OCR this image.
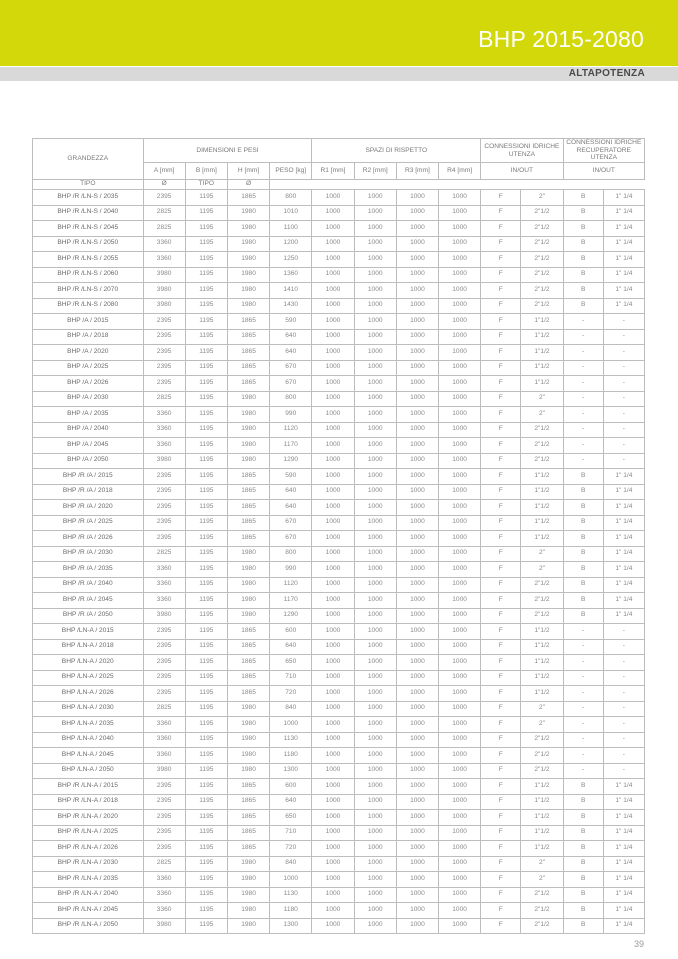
BHP 2015-2080
ALTAPOTENZA
GRANDEZZA	DIMENSIONI E PESI				SPAZI DI RISPETTO				CONNESSIONI IDRICHE UTENZA		CONNESSIONI IDRICHE RECUPERATORE UTENZA	
									IN/OUT		IN/OUT	
	A [mm]	B [mm]	H [mm]	PESO [kg]	R1 [mm]	R2 [mm]	R3 [mm]	R4 [mm]				
TIPO	Ø	TIPO	Ø									
BHP /R /LN-S / 2035	2395	1195	1865	800	1000	1000	1000	1000	F	2"	B	1" 1/4
BHP /R /LN-S / 2040	2825	1195	1980	1010	1000	1000	1000	1000	F	2"1/2	B	1" 1/4
BHP /R /LN-S / 2045	2825	1195	1980	1100	1000	1000	1000	1000	F	2"1/2	B	1" 1/4
BHP /R /LN-S / 2050	3360	1195	1980	1200	1000	1000	1000	1000	F	2"1/2	B	1" 1/4
BHP /R /LN-S / 2055	3360	1195	1980	1250	1000	1000	1000	1000	F	2"1/2	B	1" 1/4
BHP /R /LN-S / 2060	3980	1195	1980	1360	1000	1000	1000	1000	F	2"1/2	B	1" 1/4
BHP /R /LN-S / 2070	3980	1195	1980	1410	1000	1000	1000	1000	F	2"1/2	B	1" 1/4
BHP /R /LN-S / 2080	3980	1195	1980	1430	1000	1000	1000	1000	F	2"1/2	B	1" 1/4
BHP /A / 2015	2395	1195	1865	590	1000	1000	1000	1000	F	1"1/2	-	-
BHP /A / 2018	2395	1195	1865	640	1000	1000	1000	1000	F	1"1/2	-	-
BHP /A / 2020	2395	1195	1865	640	1000	1000	1000	1000	F	1"1/2	-	-
BHP /A / 2025	2395	1195	1865	670	1000	1000	1000	1000	F	1"1/2	-	-
BHP /A / 2026	2395	1195	1865	670	1000	1000	1000	1000	F	1"1/2	-	-
BHP /A / 2030	2825	1195	1980	800	1000	1000	1000	1000	F	2"	-	-
BHP /A / 2035	3360	1195	1980	990	1000	1000	1000	1000	F	2"	-	-
BHP /A / 2040	3360	1195	1980	1120	1000	1000	1000	1000	F	2"1/2	-	-
BHP /A / 2045	3360	1195	1980	1170	1000	1000	1000	1000	F	2"1/2	-	-
BHP /A / 2050	3980	1195	1980	1290	1000	1000	1000	1000	F	2"1/2	-	-
BHP /R /A / 2015	2395	1195	1865	590	1000	1000	1000	1000	F	1"1/2	B	1" 1/4
BHP /R /A / 2018	2395	1195	1865	640	1000	1000	1000	1000	F	1"1/2	B	1" 1/4
BHP /R /A / 2020	2395	1195	1865	640	1000	1000	1000	1000	F	1"1/2	B	1" 1/4
BHP /R /A / 2025	2395	1195	1865	670	1000	1000	1000	1000	F	1"1/2	B	1" 1/4
BHP /R /A / 2026	2395	1195	1865	670	1000	1000	1000	1000	F	1"1/2	B	1" 1/4
BHP /R /A / 2030	2825	1195	1980	800	1000	1000	1000	1000	F	2"	B	1" 1/4
BHP /R /A / 2035	3360	1195	1980	990	1000	1000	1000	1000	F	2"	B	1" 1/4
BHP /R /A / 2040	3360	1195	1980	1120	1000	1000	1000	1000	F	2"1/2	B	1" 1/4
BHP /R /A / 2045	3360	1195	1980	1170	1000	1000	1000	1000	F	2"1/2	B	1" 1/4
BHP /R /A / 2050	3980	1195	1980	1290	1000	1000	1000	1000	F	2"1/2	B	1" 1/4
BHP /LN-A / 2015	2395	1195	1865	600	1000	1000	1000	1000	F	1"1/2	-	-
BHP /LN-A / 2018	2395	1195	1865	640	1000	1000	1000	1000	F	1"1/2	-	-
BHP /LN-A / 2020	2395	1195	1865	650	1000	1000	1000	1000	F	1"1/2	-	-
BHP /LN-A / 2025	2395	1195	1865	710	1000	1000	1000	1000	F	1"1/2	-	-
BHP /LN-A / 2026	2395	1195	1865	720	1000	1000	1000	1000	F	1"1/2	-	-
BHP /LN-A / 2030	2825	1195	1980	840	1000	1000	1000	1000	F	2"	-	-
BHP /LN-A / 2035	3360	1195	1980	1000	1000	1000	1000	1000	F	2"	-	-
BHP /LN-A / 2040	3360	1195	1980	1130	1000	1000	1000	1000	F	2"1/2	-	-
BHP /LN-A / 2045	3360	1195	1980	1180	1000	1000	1000	1000	F	2"1/2	-	-
BHP /LN-A / 2050	3980	1195	1980	1300	1000	1000	1000	1000	F	2"1/2	-	-
BHP /R /LN-A / 2015	2395	1195	1865	600	1000	1000	1000	1000	F	1"1/2	B	1" 1/4
BHP /R /LN-A / 2018	2395	1195	1865	640	1000	1000	1000	1000	F	1"1/2	B	1" 1/4
BHP /R /LN-A / 2020	2395	1195	1865	650	1000	1000	1000	1000	F	1"1/2	B	1" 1/4
BHP /R /LN-A / 2025	2395	1195	1865	710	1000	1000	1000	1000	F	1"1/2	B	1" 1/4
BHP /R /LN-A / 2026	2395	1195	1865	720	1000	1000	1000	1000	F	1"1/2	B	1" 1/4
BHP /R /LN-A / 2030	2825	1195	1980	840	1000	1000	1000	1000	F	2"	B	1" 1/4
BHP /R /LN-A / 2035	3360	1195	1980	1000	1000	1000	1000	1000	F	2"	B	1" 1/4
BHP /R /LN-A / 2040	3360	1195	1980	1130	1000	1000	1000	1000	F	2"1/2	B	1" 1/4
BHP /R /LN-A / 2045	3360	1195	1980	1180	1000	1000	1000	1000	F	2"1/2	B	1" 1/4
BHP /R /LN-A / 2050	3980	1195	1980	1300	1000	1000	1000	1000	F	2"1/2	B	1" 1/4
39
